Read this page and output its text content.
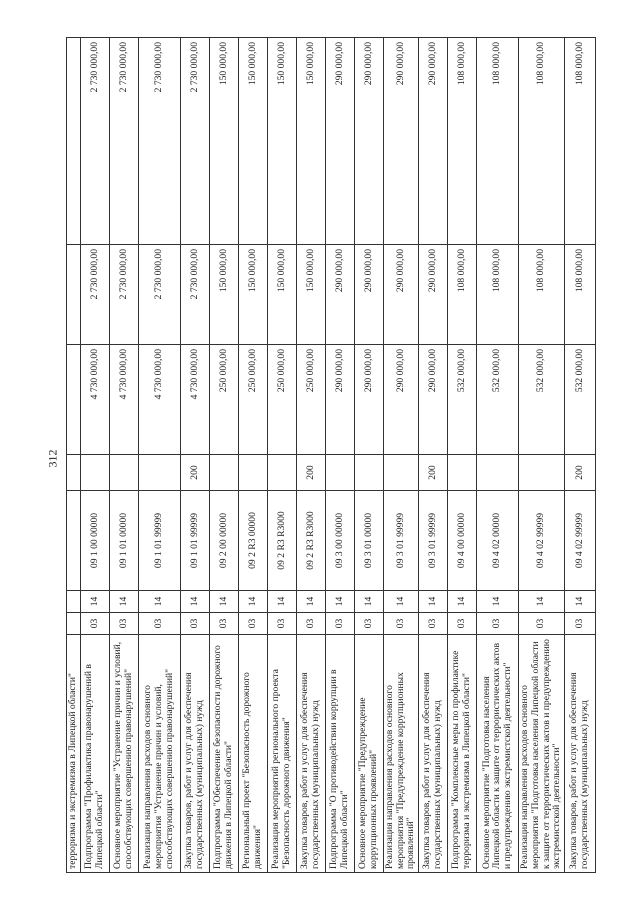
312
терроризма и экстремизма в Липецкой области"							
Подпрограмма "Профилактика правонарушений в Липецкой области"	03	14	09 1 00 00000		4 730 000,00	2 730 000,00	2 730 000,00
Основное мероприятие "Устранение причин и условий, способствующих совершению правонарушений"	03	14	09 1 01 00000		4 730 000,00	2 730 000,00	2 730 000,00
Реализация направления расходов основного мероприятия "Устранение причин и условий, способствующих совершению правонарушений"	03	14	09 1 01 99999		4 730 000,00	2 730 000,00	2 730 000,00
Закупка товаров, работ и услуг для обеспечения государственных (муниципальных) нужд	03	14	09 1 01 99999	200	4 730 000,00	2 730 000,00	2 730 000,00
Подпрограмма "Обеспечение безопасности дорожного движения в Липецкой области"	03	14	09 2 00 00000		250 000,00	150 000,00	150 000,00
Региональный проект "Безопасность дорожного движения"	03	14	09 2 R3 00000		250 000,00	150 000,00	150 000,00
Реализация мероприятий регионального проекта "Безопасность дорожного движения"	03	14	09 2 R3 R3000		250 000,00	150 000,00	150 000,00
Закупка товаров, работ и услуг для обеспечения государственных (муниципальных) нужд	03	14	09 2 R3 R3000	200	250 000,00	150 000,00	150 000,00
Подпрограмма "О противодействии коррупции в Липецкой области"	03	14	09 3 00 00000		290 000,00	290 000,00	290 000,00
Основное мероприятие "Предупреждение коррупционных проявлений"	03	14	09 3 01 00000		290 000,00	290 000,00	290 000,00
Реализация направления расходов основного мероприятия "Предупреждение коррупционных проявлений"	03	14	09 3 01 99999		290 000,00	290 000,00	290 000,00
Закупка товаров, работ и услуг для обеспечения государственных (муниципальных) нужд	03	14	09 3 01 99999	200	290 000,00	290 000,00	290 000,00
Подпрограмма "Комплексные меры по профилактике терроризма и экстремизма в Липецкой области"	03	14	09 4 00 00000		532 000,00	108 000,00	108 000,00
Основное мероприятие "Подготовка населения Липецкой области к защите от террористических актов и предупреждению экстремистской деятельности"	03	14	09 4 02 00000		532 000,00	108 000,00	108 000,00
Реализация направления расходов основного мероприятия "Подготовка населения Липецкой области к защите от террористических актов и предупреждению экстремистской деятельности"	03	14	09 4 02 99999		532 000,00	108 000,00	108 000,00
Закупка товаров, работ и услуг для обеспечения государственных (муниципальных) нужд	03	14	09 4 02 99999	200	532 000,00	108 000,00	108 000,00
